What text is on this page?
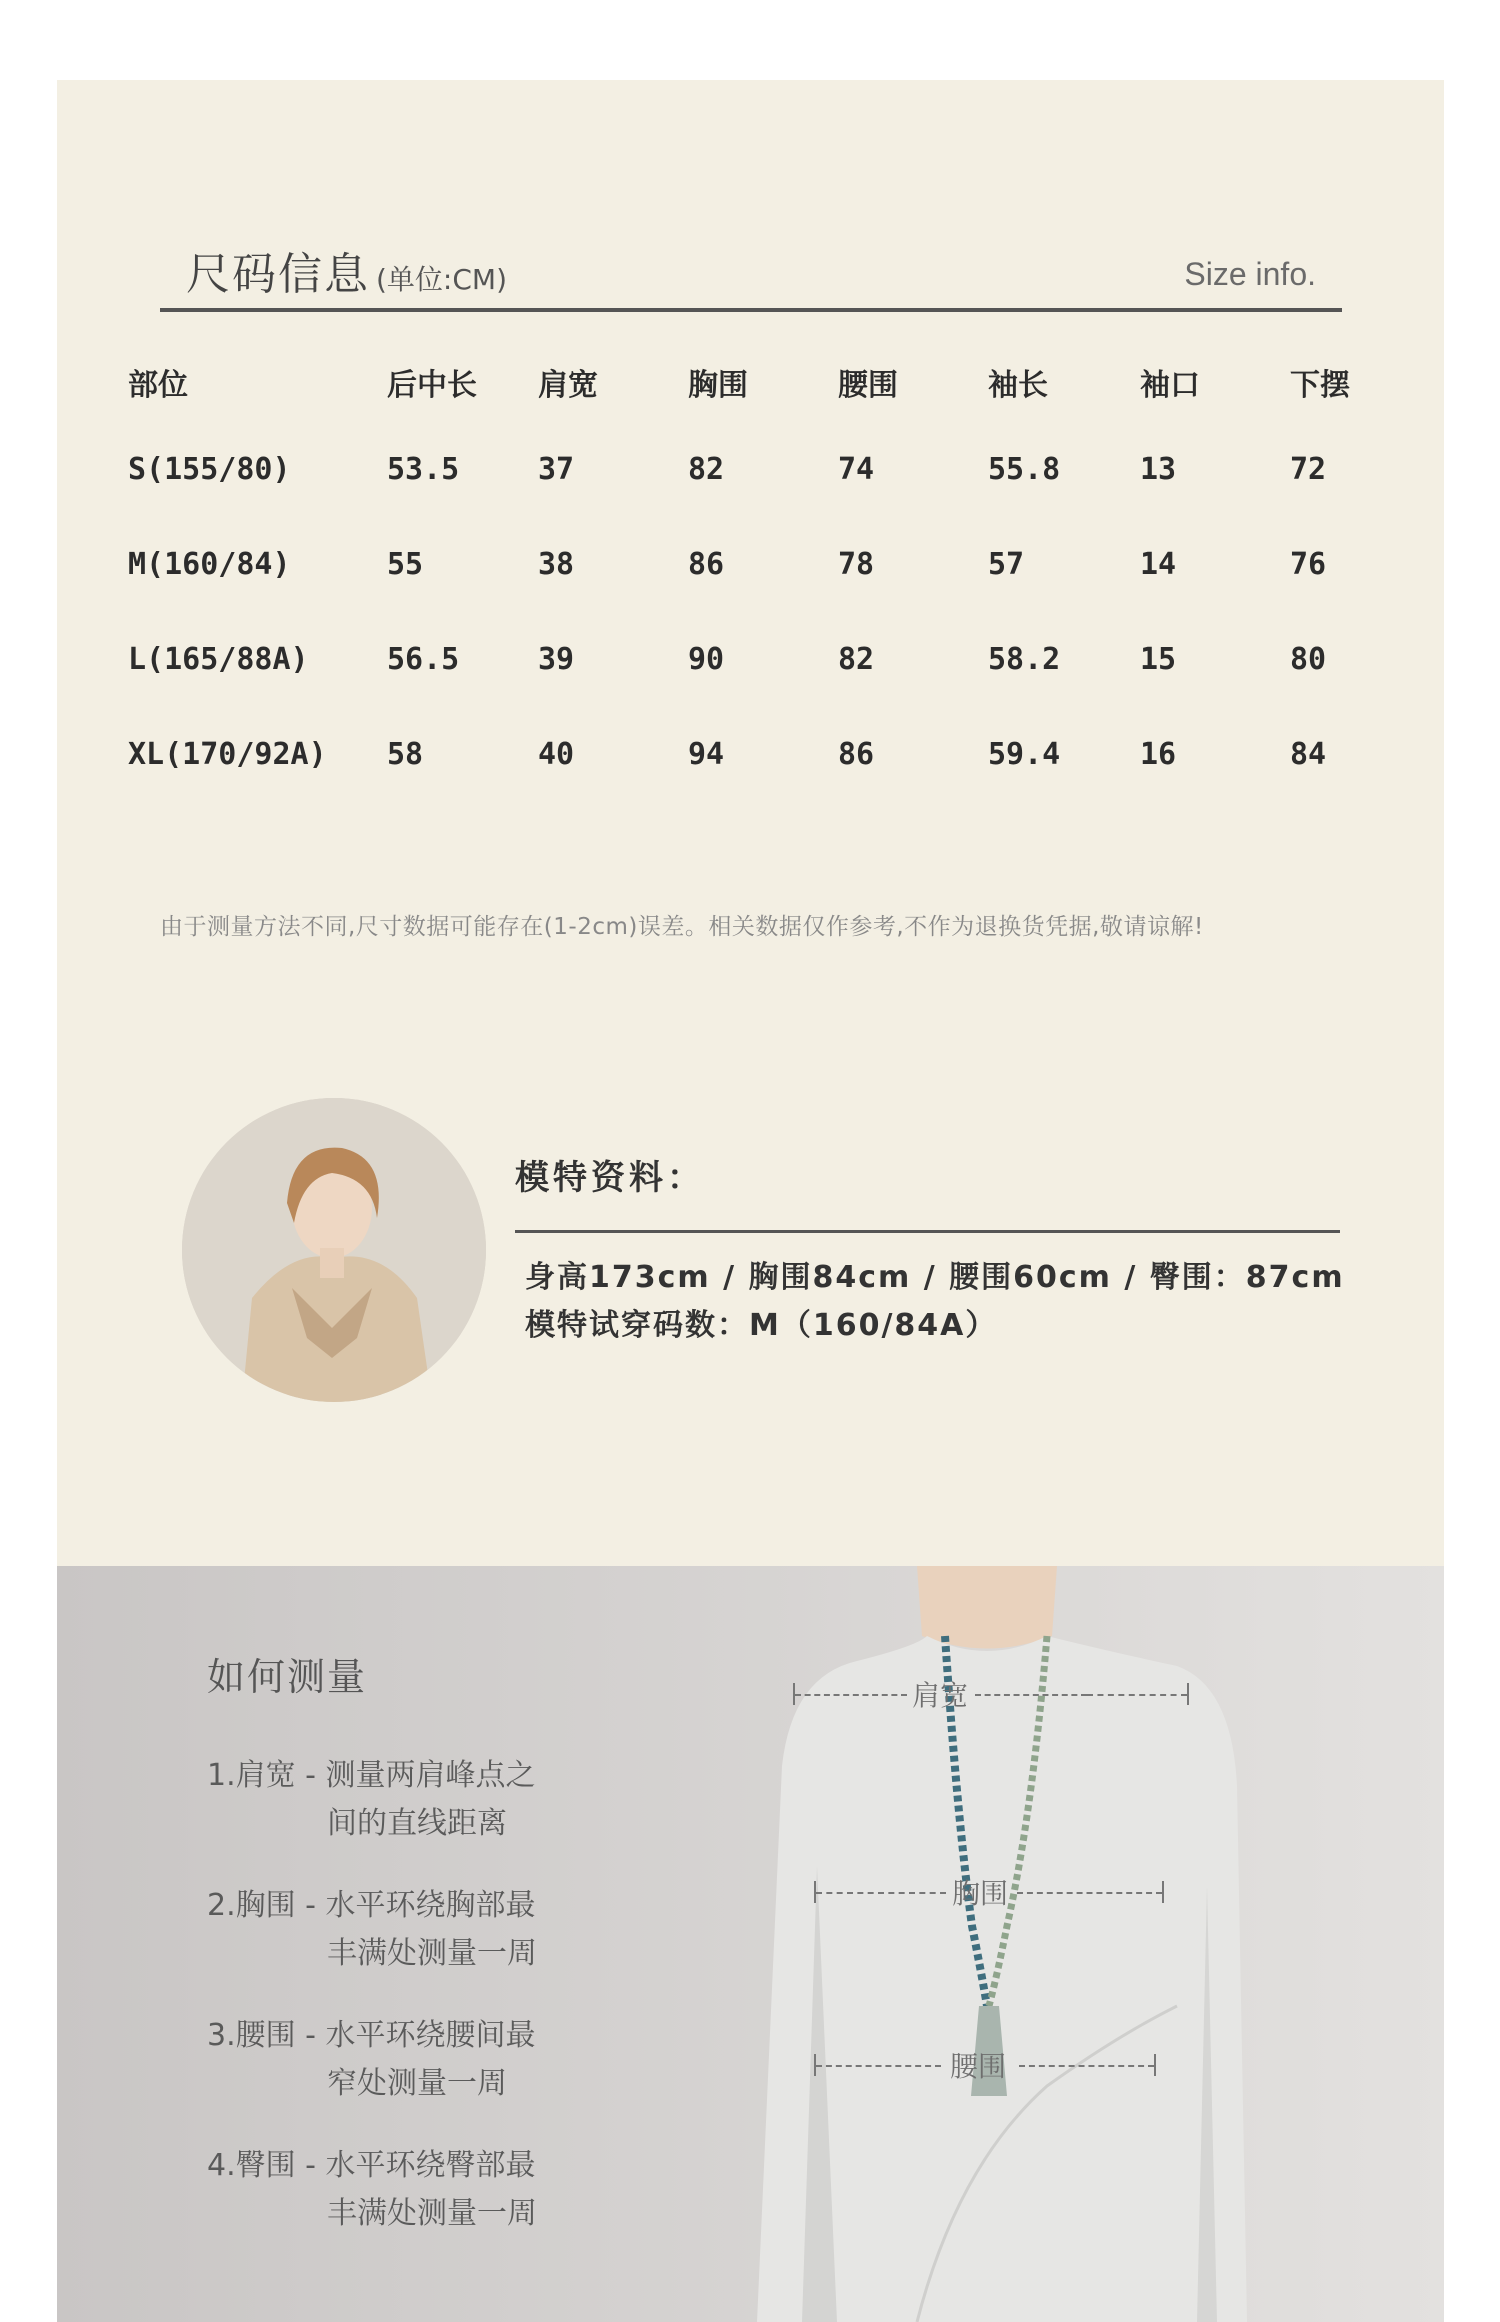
尺码信息 (单位:CM)	Size info.
部位	后中长	肩宽	胸围	腰围	袖长	袖口	下摆
S(155/80)	53.5	37	82	74	55.8	13	72
M(160/84)	55	38	86	78	57	14	76
L(165/88A)	56.5	39	90	82	58.2	15	80
XL(170/92A)	58	40	94	86	59.4	16	84
由于测量方法不同,尺寸数据可能存在(1-2cm)误差。相关数据仅作参考,不作为退换货凭据,敬请谅解!
模特资料：
身高173cm / 胸围84cm / 腰围60cm / 臀围：87cm
模特试穿码数：M（160/84A）
如何测量
1.肩宽 - 测量两肩峰点之
间的直线距离
2.胸围 - 水平环绕胸部最
丰满处测量一周
3.腰围 - 水平环绕腰间最
窄处测量一周
4.臀围 - 水平环绕臀部最
丰满处测量一周
肩宽
胸围
腰围
